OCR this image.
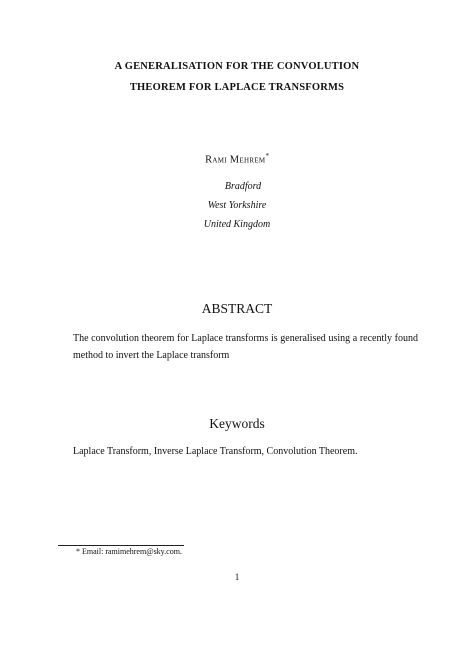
A GENERALISATION FOR THE CONVOLUTION
THEOREM FOR LAPLACE TRANSFORMS
Rami Mehrem*
Bradford
West Yorkshire
United Kingdom
ABSTRACT
The convolution theorem for Laplace transforms is generalised using a recently found method to invert the Laplace transform
Keywords
Laplace Transform, Inverse Laplace Transform, Convolution Theorem.
* Email: ramimehrem@sky.com.
1
